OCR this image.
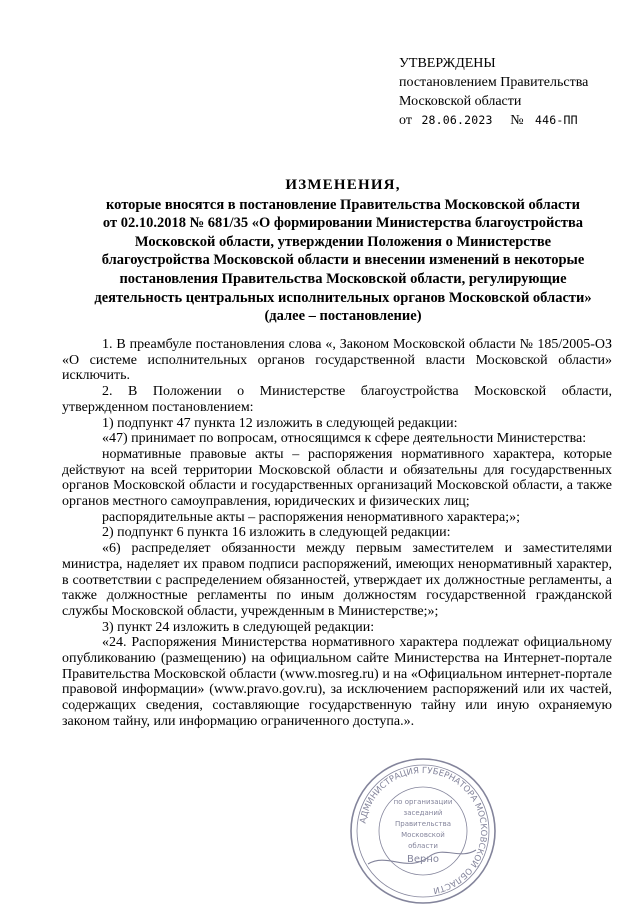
УТВЕРЖДЕНЫ
постановлением Правительства
Московской области
от 28.06.2023 № 446-ПП
ИЗМЕНЕНИЯ,
которые вносятся в постановление Правительства Московской области
от 02.10.2018 № 681/35 «О формировании Министерства благоустройства
Московской области, утверждении Положения о Министерстве
благоустройства Московской области и внесении изменений в некоторые
постановления Правительства Московской области, регулирующие
деятельность центральных исполнительных органов Московской области»
(далее – постановление)

1. В преамбуле постановления слова «, Законом Московской области № 185/2005-ОЗ «О системе исполнительных органов государственной власти Московской области» исключить.

2. В Положении о Министерстве благоустройства Московской области, утвержденном постановлением:

1) подпункт 47 пункта 12 изложить в следующей редакции:

«47) принимает по вопросам, относящимся к сфере деятельности Министерства:

нормативные правовые акты – распоряжения нормативного характера, которые действуют на всей территории Московской области и обязательны для государственных органов Московской области и государственных организаций Московской области, а также органов местного самоуправления, юридических и физических лиц;

распорядительные акты – распоряжения ненормативного характера;»;

2) подпункт 6 пункта 16 изложить в следующей редакции:

«6) распределяет обязанности между первым заместителем и заместителями министра, наделяет их правом подписи распоряжений, имеющих ненормативный характер, в соответствии с распределением обязанностей, утверждает их должностные регламенты, а также должностные регламенты по иным должностям государственной гражданской службы Московской области, учрежденным в Министерстве;»;

3) пункт 24 изложить в следующей редакции:

«24. Распоряжения Министерства нормативного характера подлежат официальному опубликованию (размещению) на официальном сайте Министерства на Интернет-портале Правительства Московской области (www.mosreg.ru) и на «Официальном интернет-портале правовой информации» (www.pravo.gov.ru), за исключением распоряжений или их частей, содержащих сведения, составляющие государственную тайну или иную охраняемую законом тайну, или информацию ограниченного доступа.».

АДМИНИСТРАЦИЯ ГУБЕРНАТОРА МОСКОВСКОЙ ОБЛАСТИ
по организации
заседаний
Правительства
Московской
области
Верно
